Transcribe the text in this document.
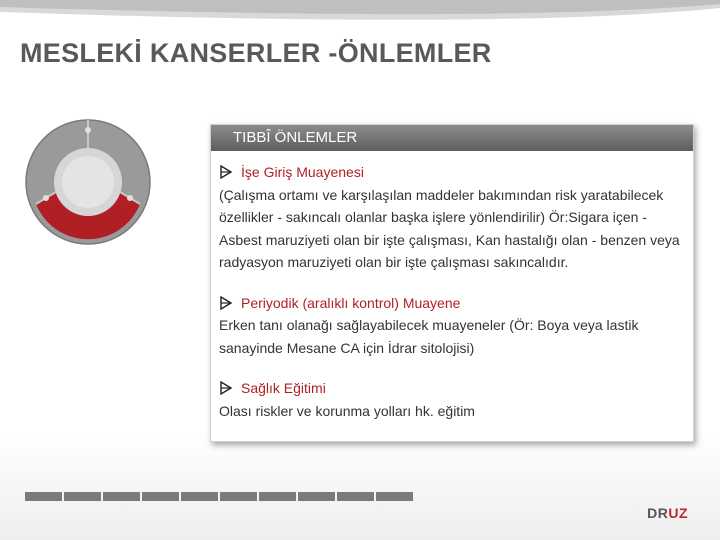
MESLEKİ KANSERLER -ÖNLEMLER
TIBBÎ ÖNLEMLER
İşe Giriş Muayenesi
(Çalışma ortamı ve karşılaşılan maddeler bakımından risk yaratabilecek özellikler - sakıncalı olanlar başka işlere yönlendirilir) Ör:Sigara içen - Asbest maruziyeti olan bir işte çalışması, Kan hastalığı olan - benzen veya radyasyon maruziyeti olan bir işte çalışması sakıncalıdır.
Periyodik (aralıklı kontrol) Muayene
Erken tanı olanağı sağlayabilecek muayeneler (Ör: Boya veya lastik sanayinde Mesane CA için İdrar sitolojisi)
Sağlık Eğitimi
Olası riskler ve korunma yolları hk. eğitim
DRUZ
